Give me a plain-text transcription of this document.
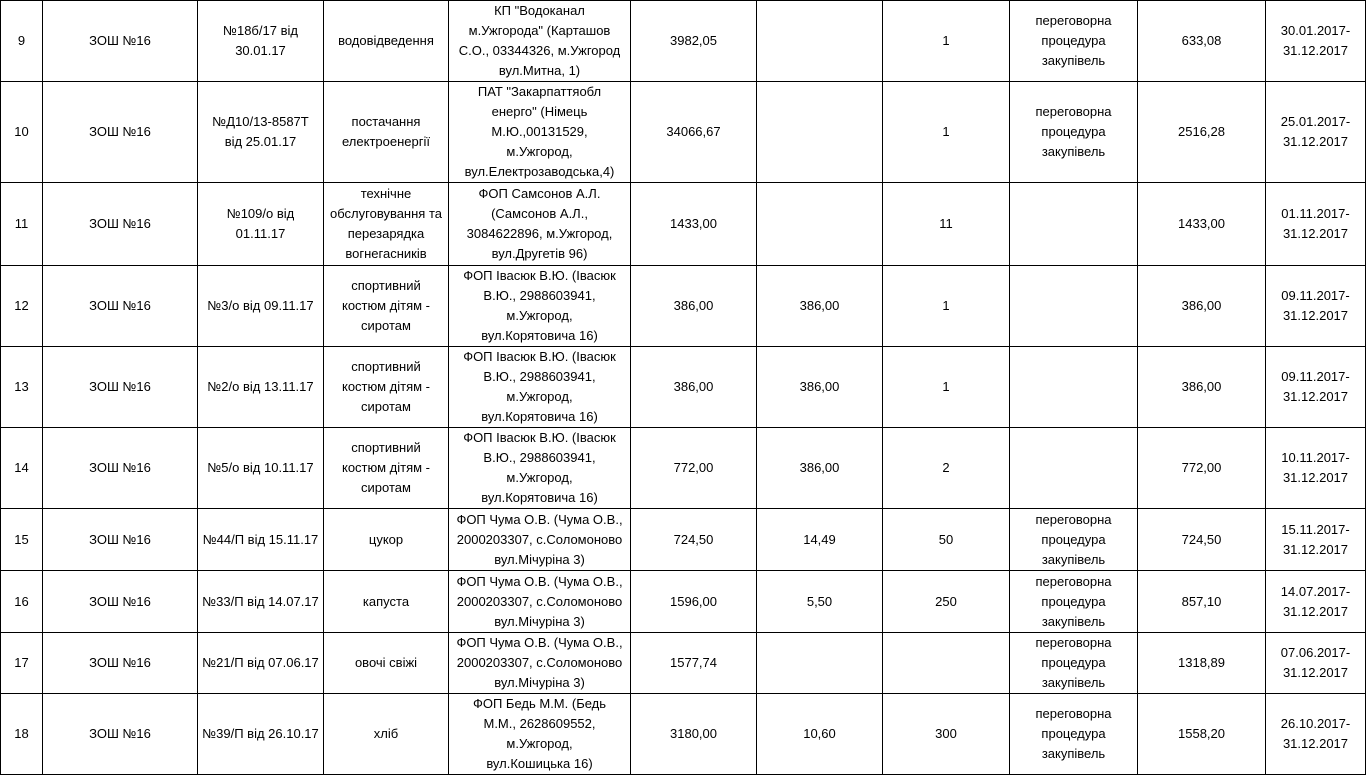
9	ЗОШ №16	№18б/17 від
30.01.17	водовідведення	КП "Водоканал
м.Ужгорода" (Карташов
С.О., 03344326, м.Ужгород
вул.Митна, 1)	3982,05		1	переговорна
процедура
закупівель	633,08	30.01.2017-
31.12.2017
10	ЗОШ №16	№Д10/13-8587Т
від 25.01.17	постачання
електроенергії	ПАТ "Закарпаттяобл
енерго" (Німець
М.Ю.,00131529,
м.Ужгород,
вул.Електрозаводська,4)	34066,67		1	переговорна
процедура
закупівель	2516,28	25.01.2017-
31.12.2017
11	ЗОШ №16	№109/о від
01.11.17	технічне
обслуговування та
перезарядка
вогнегасників	ФОП Самсонов А.Л.
(Самсонов А.Л.,
3084622896, м.Ужгород,
вул.Другетів 96)	1433,00		11		1433,00	01.11.2017-
31.12.2017
12	ЗОШ №16	№3/о від 09.11.17	спортивний
костюм дітям -
сиротам	ФОП Івасюк В.Ю. (Івасюк
В.Ю., 2988603941,
м.Ужгород,
вул.Корятовича 16)	386,00	386,00	1		386,00	09.11.2017-
31.12.2017
13	ЗОШ №16	№2/о від 13.11.17	спортивний
костюм дітям -
сиротам	ФОП Івасюк В.Ю. (Івасюк
В.Ю., 2988603941,
м.Ужгород,
вул.Корятовича 16)	386,00	386,00	1		386,00	09.11.2017-
31.12.2017
14	ЗОШ №16	№5/о від 10.11.17	спортивний
костюм дітям -
сиротам	ФОП Івасюк В.Ю. (Івасюк
В.Ю., 2988603941,
м.Ужгород,
вул.Корятовича 16)	772,00	386,00	2		772,00	10.11.2017-
31.12.2017
15	ЗОШ №16	№44/П від 15.11.17	цукор	ФОП Чума О.В. (Чума О.В.,
2000203307, с.Соломоново
вул.Мічуріна 3)	724,50	14,49	50	переговорна
процедура
закупівель	724,50	15.11.2017-
31.12.2017
16	ЗОШ №16	№33/П від 14.07.17	капуста	ФОП Чума О.В. (Чума О.В.,
2000203307, с.Соломоново
вул.Мічуріна 3)	1596,00	5,50	250	переговорна
процедура
закупівель	857,10	14.07.2017-
31.12.2017
17	ЗОШ №16	№21/П від 07.06.17	овочі свіжі	ФОП Чума О.В. (Чума О.В.,
2000203307, с.Соломоново
вул.Мічуріна 3)	1577,74			переговорна
процедура
закупівель	1318,89	07.06.2017-
31.12.2017
18	ЗОШ №16	№39/П від 26.10.17	хліб	ФОП Бедь М.М. (Бедь
М.М., 2628609552,
м.Ужгород,
вул.Кошицька 16)	3180,00	10,60	300	переговорна
процедура
закупівель	1558,20	26.10.2017-
31.12.2017
